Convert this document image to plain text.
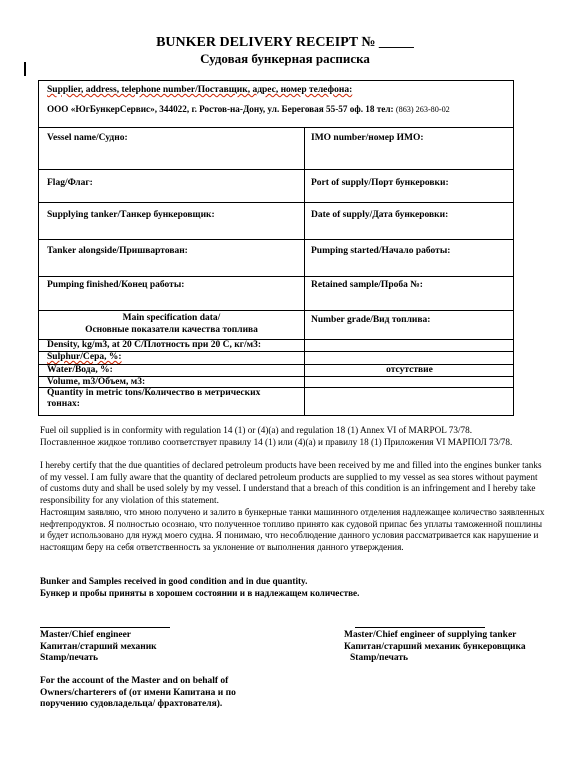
BUNKER DELIVERY RECEIPT № _____
Судовая бункерная расписка
Supplier, address, telephone number/Поставщик, адрес, номер телефона:
ООО «ЮгБункерСервис», 344022, г. Ростов-на-Дону, ул. Береговая 55-57 оф. 18 тел: (863) 263-80-02
Vessel name/Судно:	IMO number/номер ИМО:
Flag/Флаг:	Port of supply/Порт бункеровки:
Supplying tanker/Танкер бункеровщик:	Date of supply/Дата бункеровки:
Tanker alongside/Пришвартован:	Pumping started/Начало работы:
Pumping finished/Конец работы:	Retained sample/Проба №:
Main specification data/
Основные показатели качества топлива
Number grade/Вид топлива:
Density, kg/m3, at 20 C/Плотность при 20 C, кг/м3:
Sulphur/Сера, %:
Water/Вода, %:	отсутствие
Volume, m3/Объем, м3:
Quantity in metric tons/Количество в метрических
тоннах:
Fuel oil supplied is in conformity with regulation 14 (1) or (4)(a) and regulation 18 (1) Annex VI of MARPOL 73/78.
Поставленное жидкое топливо соответствует правилу 14 (1) или (4)(а) и правилу 18 (1) Приложения VI МАРПОЛ 73/78.
I hereby certify that the due quantities of declared petroleum products have been received by me and filled into the engines bunker tanks of my vessel. I am fully aware that the quantity of declared petroleum products are supplied to my vessel as sea stores without payment of customs duty and shall be used solely by my vessel. I understand that a breach of this condition is an infringement and I hereby take responsibility for any violation of this statement.
Настоящим заявляю, что мною получено и залито в бункерные танки машинного отделения надлежащее количество заявленных нефтепродуктов. Я полностью осознаю, что полученное топливо принято как судовой припас без уплаты таможенной пошлины и будет использовано для нужд моего судна. Я понимаю, что несоблюдение данного условия рассматривается как нарушение и настоящим беру на себя ответственность за уклонение от выполнения данного утверждения.
Bunker and Samples received in good condition and in due quantity.
Бункер и пробы приняты в хорошем состоянии и в надлежащем количестве.
Master/Chief engineer
Капитан/старший механик
Stamp/печать
Master/Chief engineer of supplying tanker
Капитан/старший механик бункеровщика
Stamp/печать
For the account of the Master and on behalf of
Owners/charterers of (от имени Капитана и по
поручению судовладельца/ фрахтователя).
